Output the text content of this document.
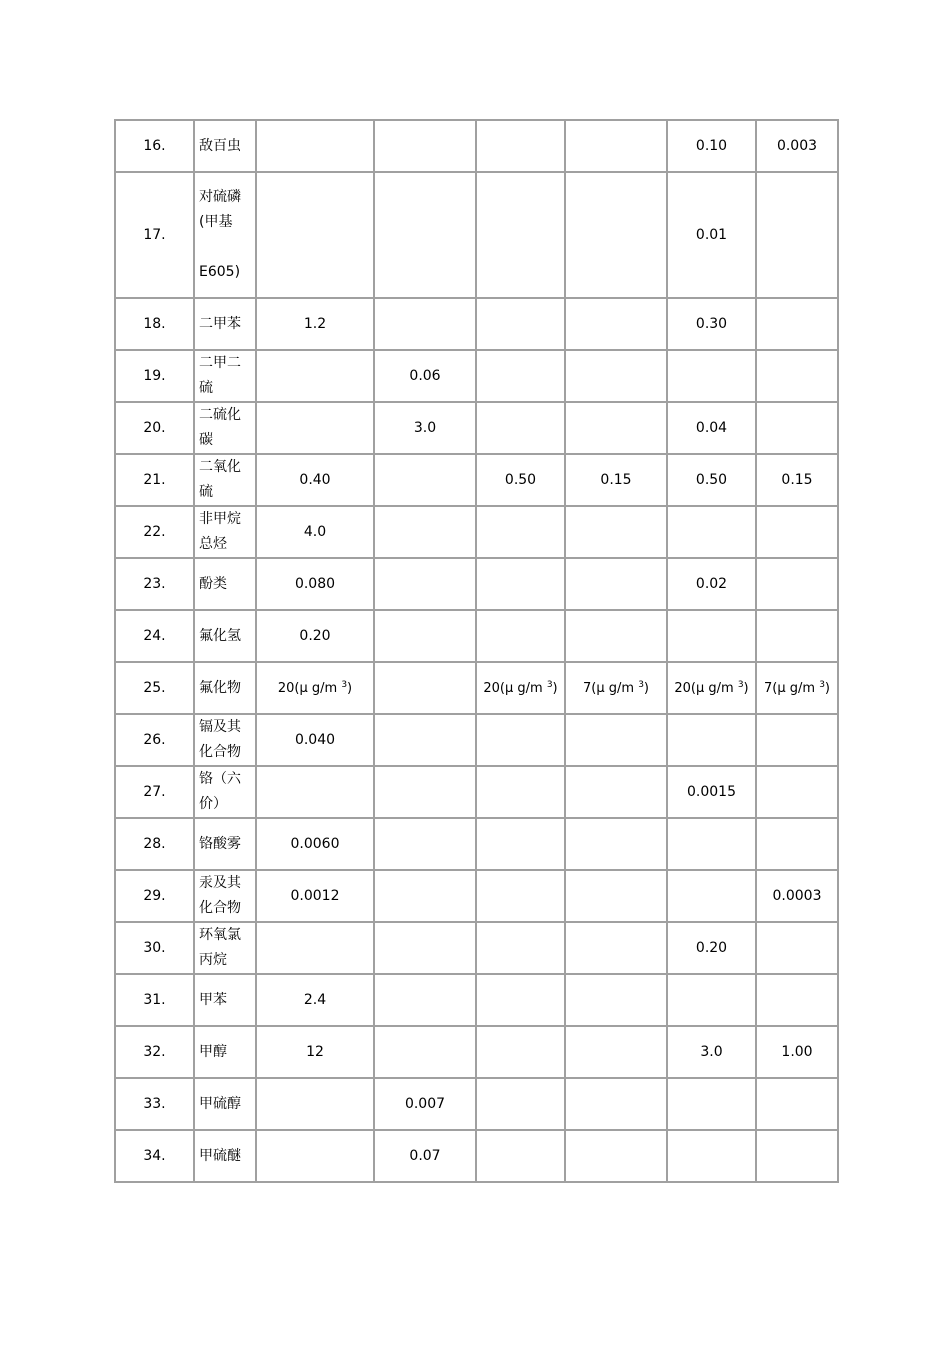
16.	敌百虫					0.10	0.003
17.	对硫磷
(甲基

E605)					0.01	
18.	二甲苯	1.2				0.30	
19.	二甲二
硫		0.06				
20.	二硫化
碳		3.0			0.04	
21.	二氧化
硫	0.40		0.50	0.15	0.50	0.15
22.	非甲烷
总烃	4.0					
23.	酚类	0.080				0.02	
24.	氟化氢	0.20					
25.	氟化物	20(μ g/m $^3$)		20(μ g/m $^3$)	7(μ g/m $^3$)	20(μ g/m $^3$)	7(μ g/m $^3$)
26.	镉及其
化合物	0.040					
27.	铬（六
价）					0.0015	
28.	铬酸雾	0.0060					
29.	汞及其
化合物	0.0012					0.0003
30.	环氧氯
丙烷					0.20	
31.	甲苯	2.4					
32.	甲醇	12				3.0	1.00
33.	甲硫醇		0.007				
34.	甲硫醚		0.07				
